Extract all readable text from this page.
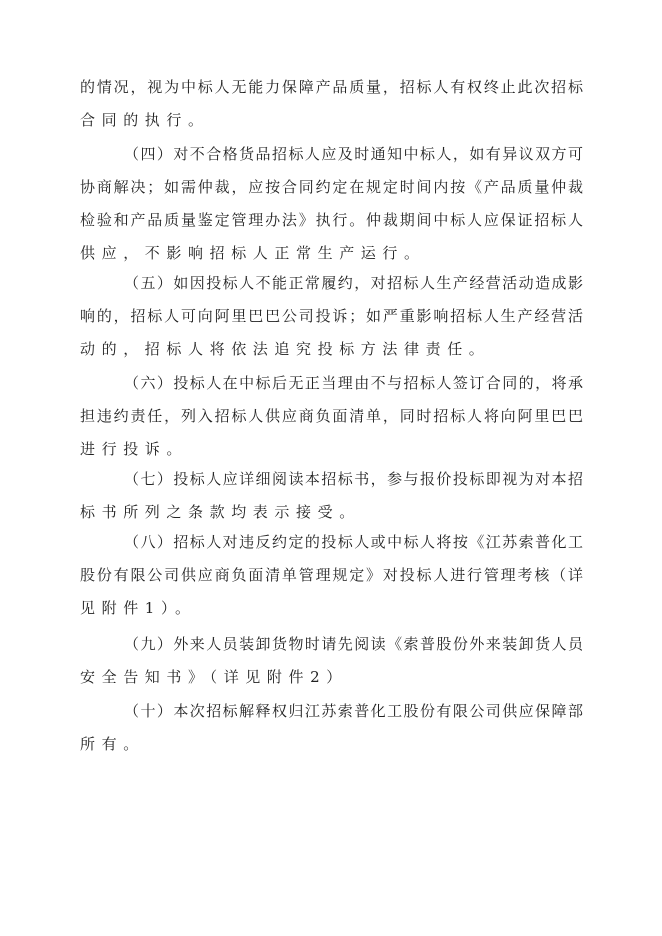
的情况，视为中标人无能力保障产品质量，招标人有权终止此次招标
合同的执行。
（四）对不合格货品招标人应及时通知中标人，如有异议双方可
协商解决；如需仲裁，应按合同约定在规定时间内按《产品质量仲裁
检验和产品质量鉴定管理办法》执行。仲裁期间中标人应保证招标人
供应，不影响招标人正常生产运行。
（五）如因投标人不能正常履约，对招标人生产经营活动造成影
响的，招标人可向阿里巴巴公司投诉；如严重影响招标人生产经营活
动的，招标人将依法追究投标方法律责任。
（六）投标人在中标后无正当理由不与招标人签订合同的，将承
担违约责任，列入招标人供应商负面清单，同时招标人将向阿里巴巴
进行投诉。
（七）投标人应详细阅读本招标书，参与报价投标即视为对本招
标书所列之条款均表示接受。
（八）招标人对违反约定的投标人或中标人将按《江苏索普化工
股份有限公司供应商负面清单管理规定》对投标人进行管理考核（详
见附件1）。
（九）外来人员装卸货物时请先阅读《索普股份外来装卸货人员
安全告知书》（详见附件2）
（十）本次招标解释权归江苏索普化工股份有限公司供应保障部
所有。
